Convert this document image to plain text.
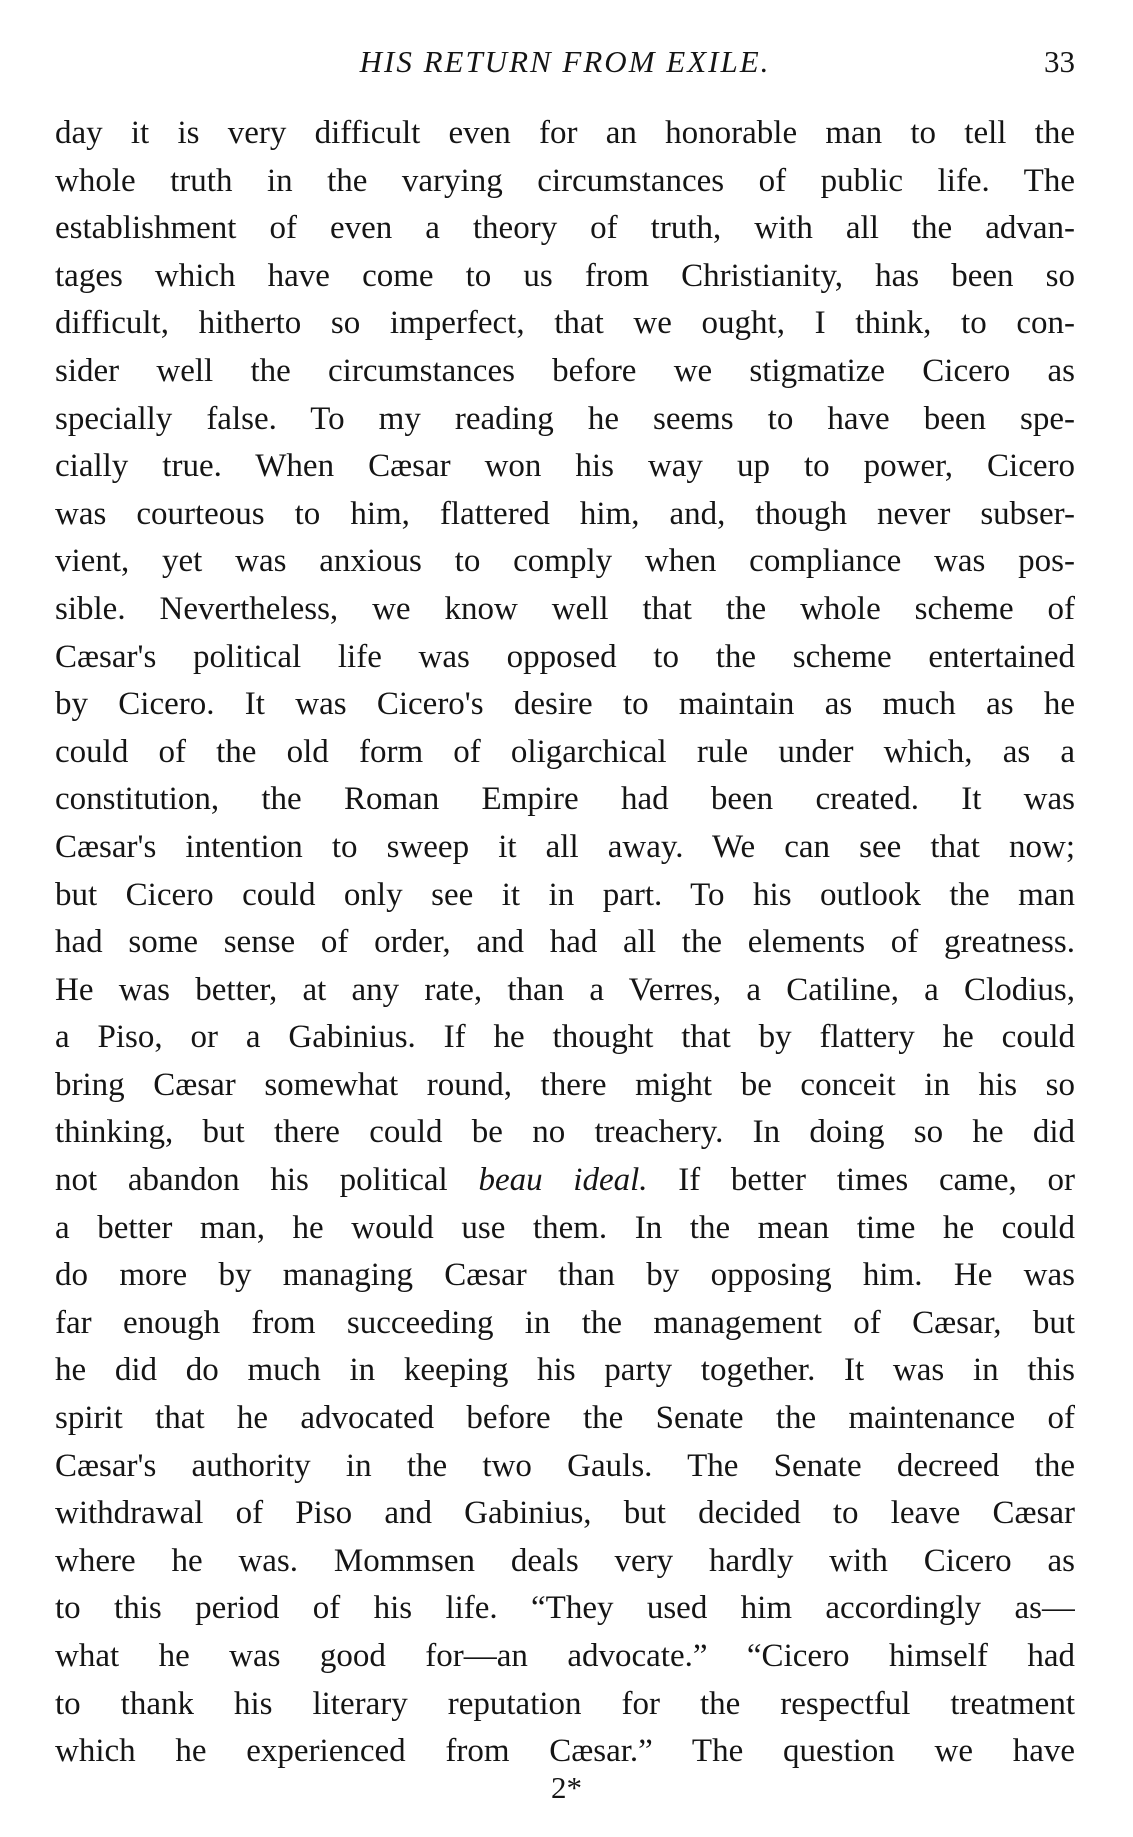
HIS RETURN FROM EXILE.	33
day it is very difficult even for an honorable man to tell the
whole truth in the varying circumstances of public life. The
establishment of even a theory of truth, with all the advan-
tages which have come to us from Christianity, has been so
difficult, hitherto so imperfect, that we ought, I think, to con-
sider well the circumstances before we stigmatize Cicero as
specially false. To my reading he seems to have been spe-
cially true. When Cæsar won his way up to power, Cicero
was courteous to him, flattered him, and, though never subser-
vient, yet was anxious to comply when compliance was pos-
sible. Nevertheless, we know well that the whole scheme of
Cæsar's political life was opposed to the scheme entertained
by Cicero. It was Cicero's desire to maintain as much as he
could of the old form of oligarchical rule under which, as a
constitution, the Roman Empire had been created. It was
Cæsar's intention to sweep it all away. We can see that now;
but Cicero could only see it in part. To his outlook the man
had some sense of order, and had all the elements of greatness.
He was better, at any rate, than a Verres, a Catiline, a Clodius,
a Piso, or a Gabinius. If he thought that by flattery he could
bring Cæsar somewhat round, there might be conceit in his so
thinking, but there could be no treachery. In doing so he did
not abandon his political beau ideal. If better times came, or
a better man, he would use them. In the mean time he could
do more by managing Cæsar than by opposing him. He was
far enough from succeeding in the management of Cæsar, but
he did do much in keeping his party together. It was in this
spirit that he advocated before the Senate the maintenance of
Cæsar's authority in the two Gauls. The Senate decreed the
withdrawal of Piso and Gabinius, but decided to leave Cæsar
where he was. Mommsen deals very hardly with Cicero as
to this period of his life. “They used him accordingly as—
what he was good for—an advocate.” “Cicero himself had
to thank his literary reputation for the respectful treatment
which he experienced from Cæsar.” The question we have
2*
